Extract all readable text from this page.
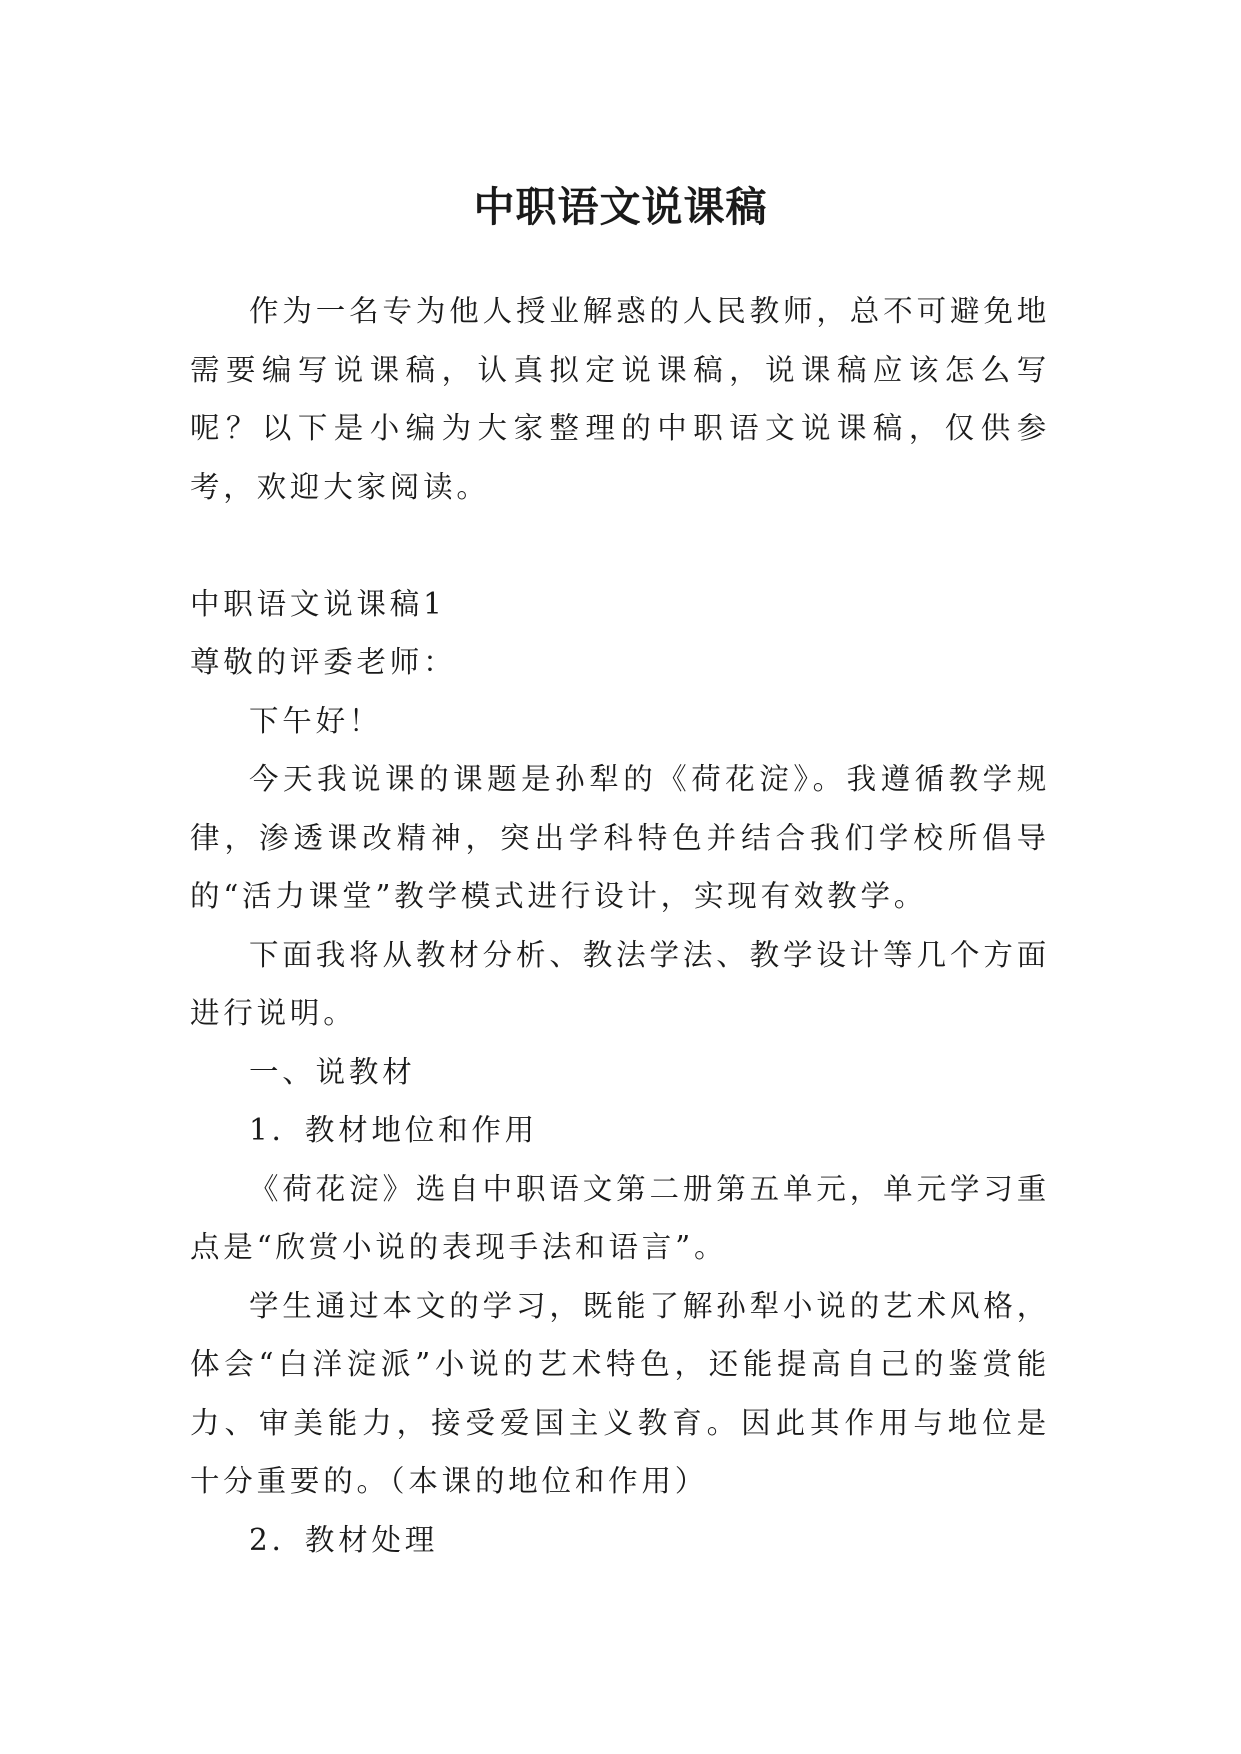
中职语文说课稿

作为一名专为他人授业解惑的人民教师，总不可避免地需要编写说课稿，认真拟定说课稿，说课稿应该怎么写呢？以下是小编为大家整理的中职语文说课稿，仅供参考，欢迎大家阅读。

中职语文说课稿1

尊敬的评委老师：

下午好！

今天我说课的课题是孙犁的《荷花淀》。我遵循教学规律，渗透课改精神，突出学科特色并结合我们学校所倡导的“活力课堂”教学模式进行设计，实现有效教学。

下面我将从教材分析、教法学法、教学设计等几个方面进行说明。

一、说教材

1．教材地位和作用

《荷花淀》选自中职语文第二册第五单元，单元学习重点是“欣赏小说的表现手法和语言”。

学生通过本文的学习，既能了解孙犁小说的艺术风格，体会“白洋淀派”小说的艺术特色，还能提高自己的鉴赏能力、审美能力，接受爱国主义教育。因此其作用与地位是十分重要的。（本课的地位和作用）

2．教材处理
